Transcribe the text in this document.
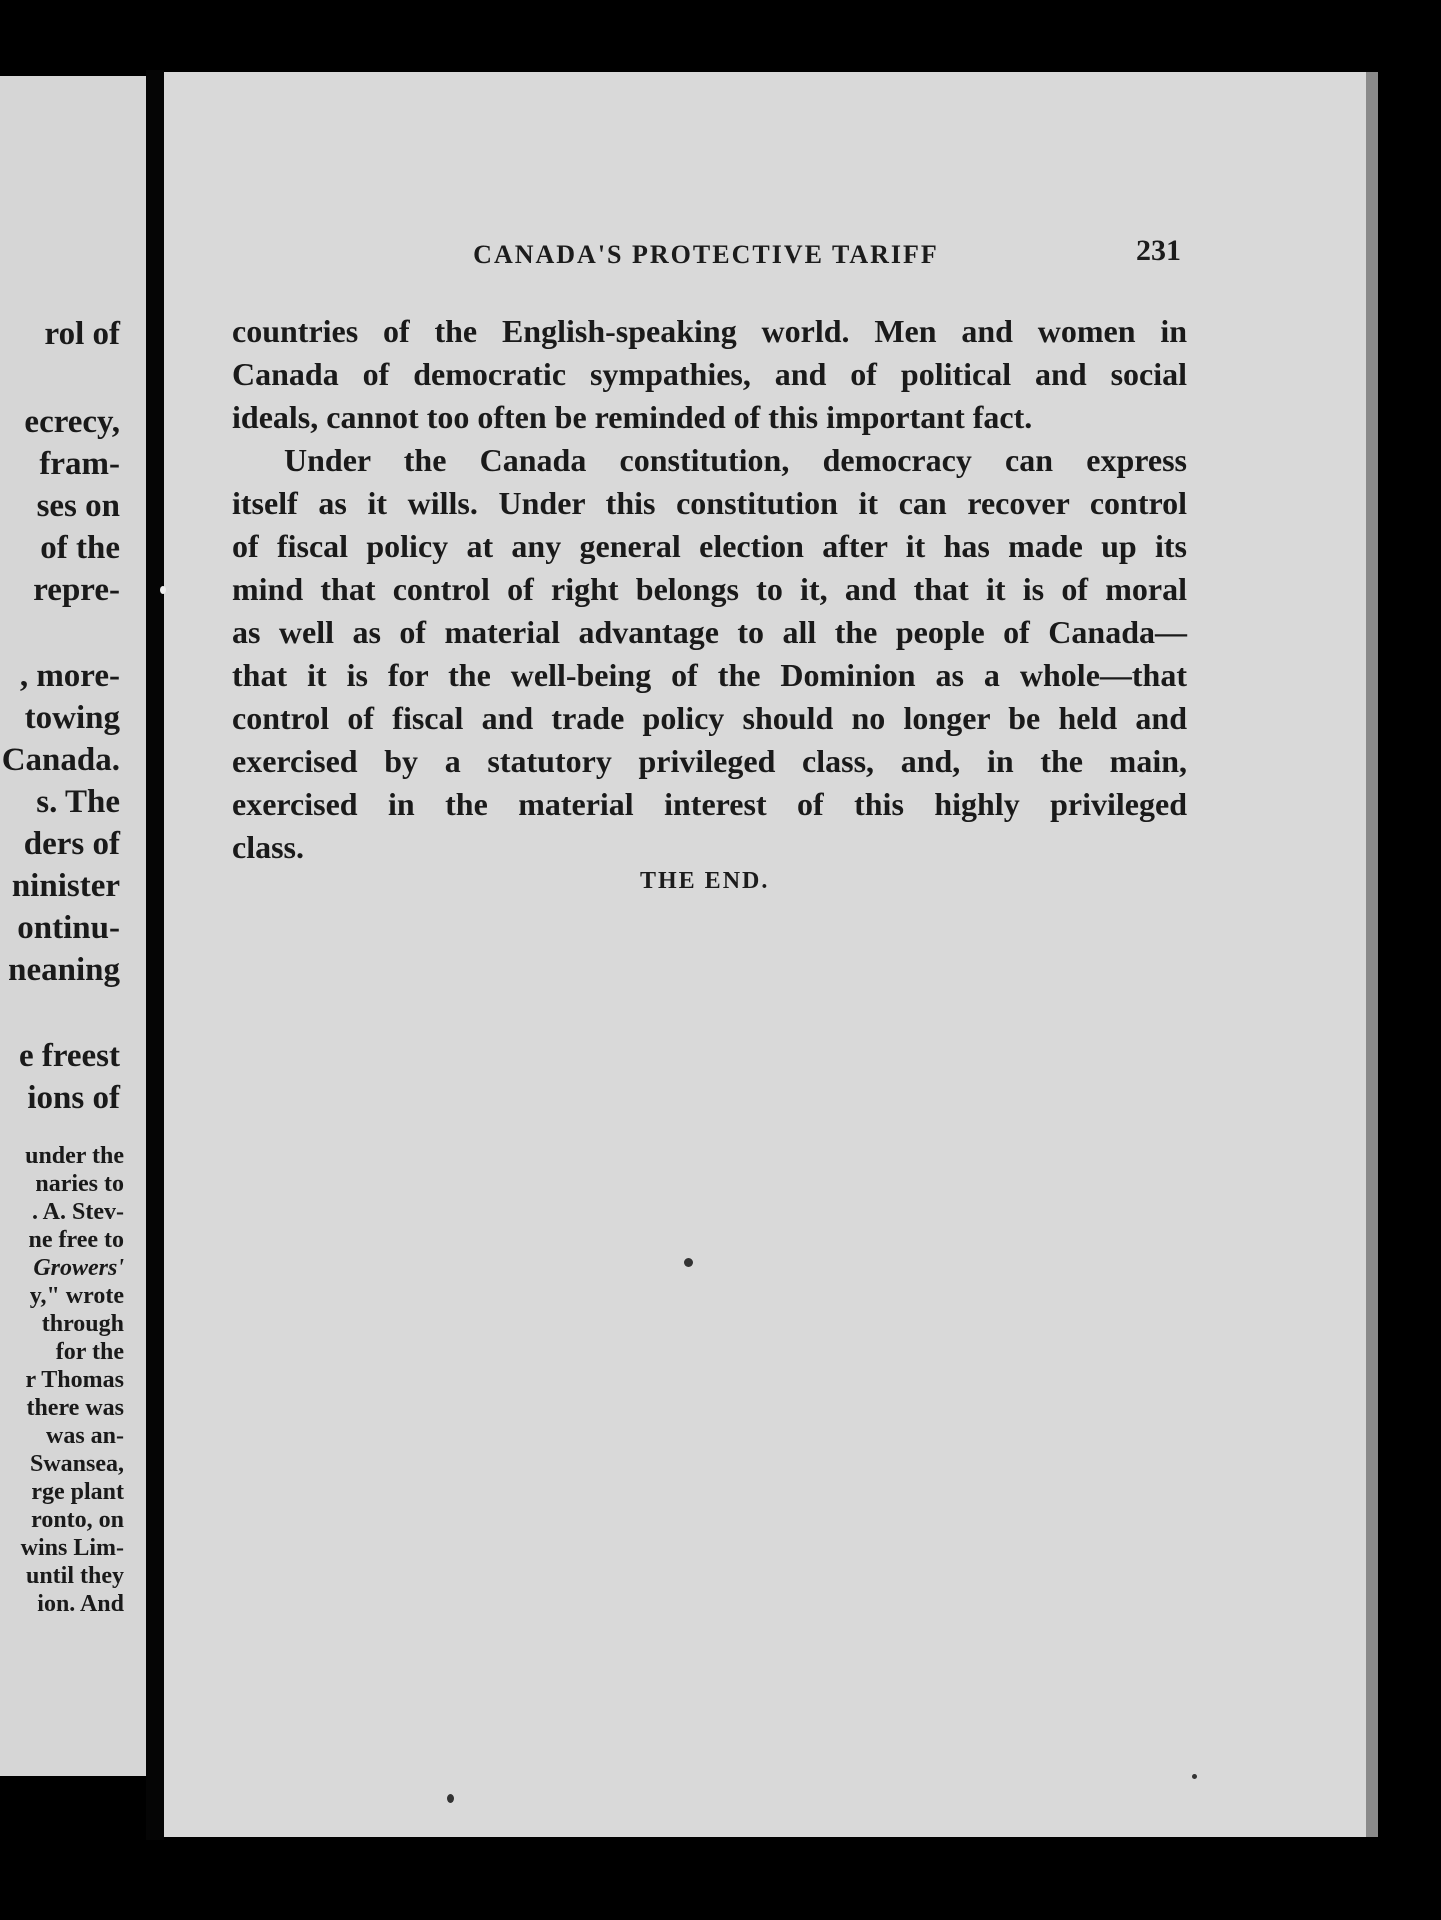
rol of
ecrecy,
fram-
ses on
of the
repre-
, more-
towing
Canada.
s. The
ders of
ninister
ontinu-
neaning
e freest
ions of
under the
naries to
. A. Stev-
ne free to
Growers'
y," wrote
through
for the
r Thomas
there was
was an-
Swansea,
rge plant
ronto, on
wins Lim-
until they
ion. And
CANADA'S PROTECTIVE TARIFF	231
countries of the English-speaking world. Men and women in
Canada of democratic sympathies, and of political and social
ideals, cannot too often be reminded of this important fact.
Under the Canada constitution, democracy can express
itself as it wills. Under this constitution it can recover control
of fiscal policy at any general election after it has made up its
mind that control of right belongs to it, and that it is of moral
as well as of material advantage to all the people of Canada—
that it is for the well-being of the Dominion as a whole—that
control of fiscal and trade policy should no longer be held and
exercised by a statutory privileged class, and, in the main,
exercised in the material interest of this highly privileged
class.
THE END.
